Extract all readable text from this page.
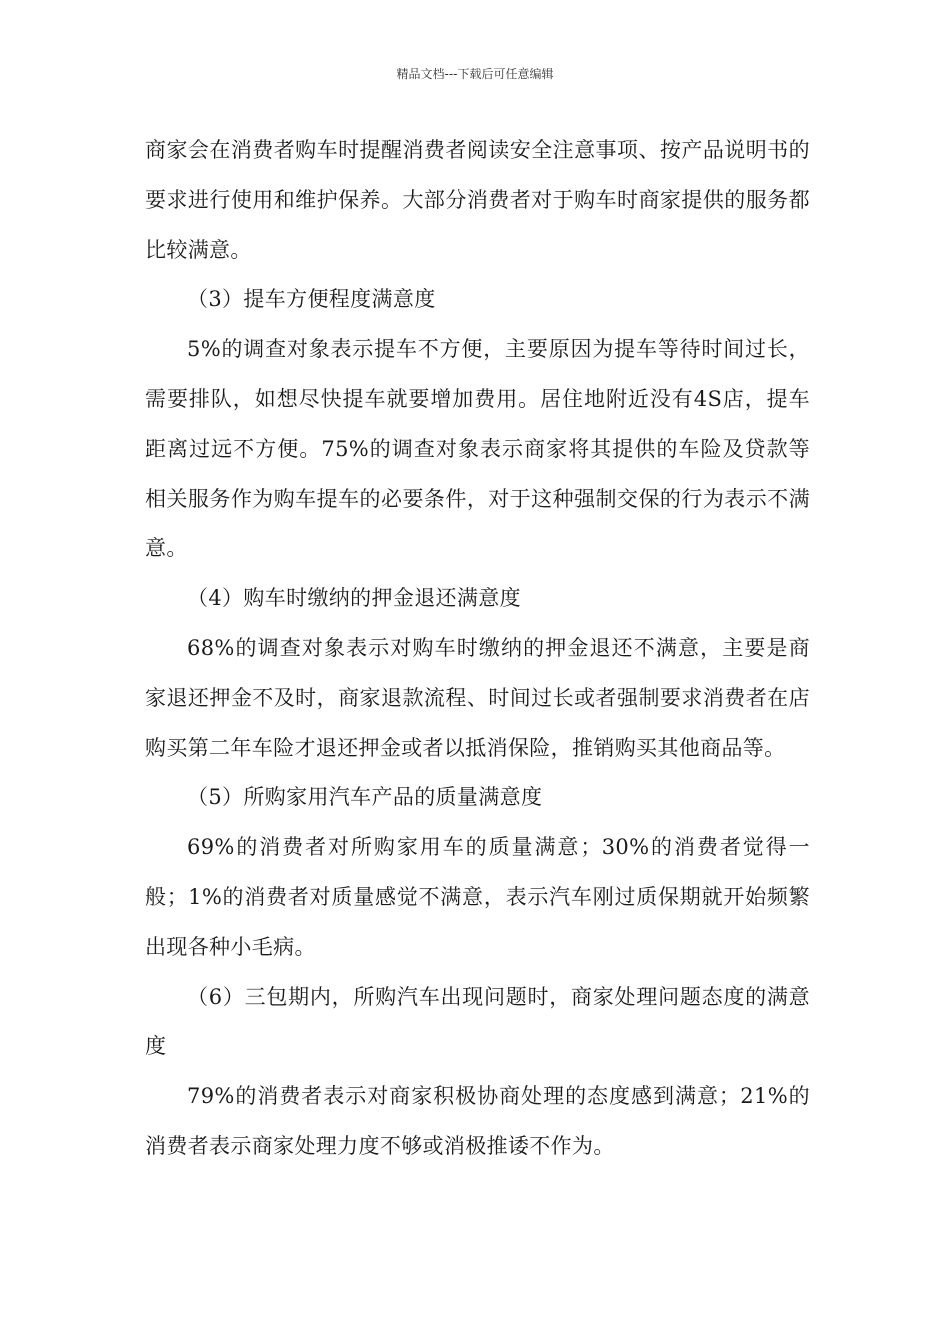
精品文档---下载后可任意编辑

商家会在消费者购车时提醒消费者阅读安全注意事项、按产品说明书的要求进行使用和维护保养。大部分消费者对于购车时商家提供的服务都比较满意。

（3）提车方便程度满意度

5%的调查对象表示提车不方便，主要原因为提车等待时间过长，需要排队，如想尽快提车就要增加费用。居住地附近没有4S店，提车距离过远不方便。75%的调查对象表示商家将其提供的车险及贷款等相关服务作为购车提车的必要条件，对于这种强制交保的行为表示不满意。

（4）购车时缴纳的押金退还满意度

68%的调查对象表示对购车时缴纳的押金退还不满意，主要是商家退还押金不及时，商家退款流程、时间过长或者强制要求消费者在店购买第二年车险才退还押金或者以抵消保险，推销购买其他商品等。

（5）所购家用汽车产品的质量满意度

69%的消费者对所购家用车的质量满意；30%的消费者觉得一般；1%的消费者对质量感觉不满意，表示汽车刚过质保期就开始频繁出现各种小毛病。

（6）三包期内，所购汽车出现问题时，商家处理问题态度的满意度

79%的消费者表示对商家积极协商处理的态度感到满意；21%的消费者表示商家处理力度不够或消极推诿不作为。
